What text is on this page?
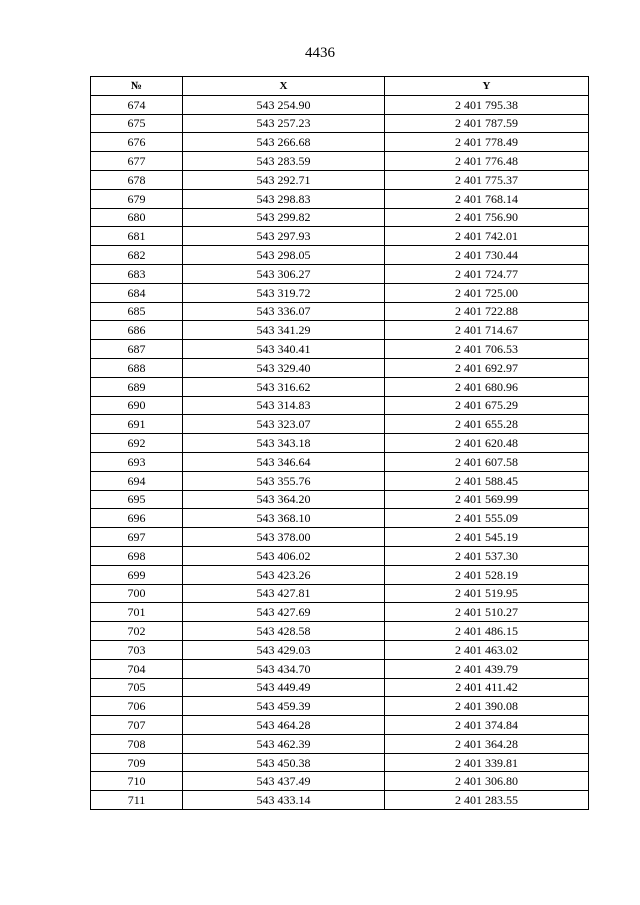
4436
№	X	Y
674	543 254.90	2 401 795.38
675	543 257.23	2 401 787.59
676	543 266.68	2 401 778.49
677	543 283.59	2 401 776.48
678	543 292.71	2 401 775.37
679	543 298.83	2 401 768.14
680	543 299.82	2 401 756.90
681	543 297.93	2 401 742.01
682	543 298.05	2 401 730.44
683	543 306.27	2 401 724.77
684	543 319.72	2 401 725.00
685	543 336.07	2 401 722.88
686	543 341.29	2 401 714.67
687	543 340.41	2 401 706.53
688	543 329.40	2 401 692.97
689	543 316.62	2 401 680.96
690	543 314.83	2 401 675.29
691	543 323.07	2 401 655.28
692	543 343.18	2 401 620.48
693	543 346.64	2 401 607.58
694	543 355.76	2 401 588.45
695	543 364.20	2 401 569.99
696	543 368.10	2 401 555.09
697	543 378.00	2 401 545.19
698	543 406.02	2 401 537.30
699	543 423.26	2 401 528.19
700	543 427.81	2 401 519.95
701	543 427.69	2 401 510.27
702	543 428.58	2 401 486.15
703	543 429.03	2 401 463.02
704	543 434.70	2 401 439.79
705	543 449.49	2 401 411.42
706	543 459.39	2 401 390.08
707	543 464.28	2 401 374.84
708	543 462.39	2 401 364.28
709	543 450.38	2 401 339.81
710	543 437.49	2 401 306.80
711	543 433.14	2 401 283.55
